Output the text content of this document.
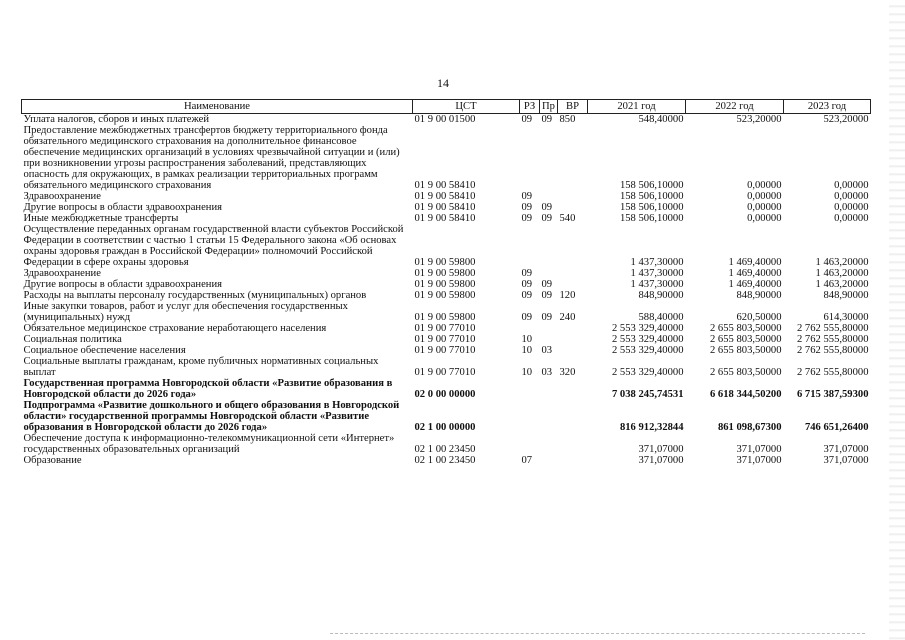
14
Наименование	ЦСТ	РЗ	Пр	ВР	2021 год	2022 год	2023 год
Уплата налогов, сборов и иных платежей	01 9 00 01500	09	09	850	548,40000	523,20000	523,20000
Предоставление межбюджетных трансфертов бюджету территориального фонда обязательного медицинского страхования на дополнительное финансовое обеспечение медицинских организаций в условиях чрезвычайной ситуации и (или) при возникновении угрозы распространения заболеваний, представляющих опасность для окружающих, в рамках реализации территориальных программ обязательного медицинского страхования	01 9 00 58410				158 506,10000	0,00000	0,00000
Здравоохранение	01 9 00 58410	09			158 506,10000	0,00000	0,00000
Другие вопросы в области здравоохранения	01 9 00 58410	09	09		158 506,10000	0,00000	0,00000
Иные межбюджетные трансферты	01 9 00 58410	09	09	540	158 506,10000	0,00000	0,00000
Осуществление переданных органам государственной власти субъектов Российской Федерации в соответствии с частью 1 статьи 15 Федерального закона «Об основах охраны здоровья граждан в Российской Федерации» полномочий Российской Федерации в сфере охраны здоровья	01 9 00 59800				1 437,30000	1 469,40000	1 463,20000
Здравоохранение	01 9 00 59800	09			1 437,30000	1 469,40000	1 463,20000
Другие вопросы в области здравоохранения	01 9 00 59800	09	09		1 437,30000	1 469,40000	1 463,20000
Расходы на выплаты персоналу государственных (муниципальных) органов	01 9 00 59800	09	09	120	848,90000	848,90000	848,90000
Иные закупки товаров, работ и услуг для обеспечения государственных (муниципальных) нужд	01 9 00 59800	09	09	240	588,40000	620,50000	614,30000
Обязательное медицинское страхование неработающего населения	01 9 00 77010				2 553 329,40000	2 655 803,50000	2 762 555,80000
Социальная политика	01 9 00 77010	10			2 553 329,40000	2 655 803,50000	2 762 555,80000
Социальное обеспечение населения	01 9 00 77010	10	03		2 553 329,40000	2 655 803,50000	2 762 555,80000
Социальные выплаты гражданам, кроме публичных нормативных социальных выплат	01 9 00 77010	10	03	320	2 553 329,40000	2 655 803,50000	2 762 555,80000
Государственная программа Новгородской области «Развитие образования в Новгородской области до 2026 года»	02 0 00 00000				7 038 245,74531	6 618 344,50200	6 715 387,59300
Подпрограмма «Развитие дошкольного и общего образования в Новгородской области» государственной программы Новгородской области «Развитие образования в Новгородской области до 2026 года»	02 1 00 00000				816 912,32844	861 098,67300	746 651,26400
Обеспечение доступа к информационно-телекоммуникационной сети «Интернет» государственных образовательных организаций	02 1 00 23450				371,07000	371,07000	371,07000
Образование	02 1 00 23450	07			371,07000	371,07000	371,07000
